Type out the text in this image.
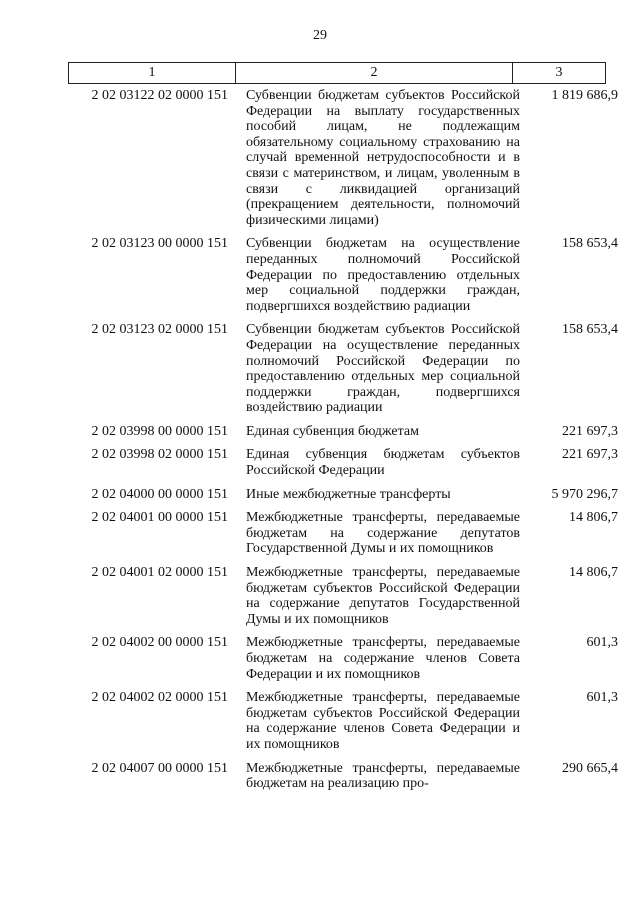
29
1	2	3
2 02 03122 02 0000 151	Субвенции бюджетам субъектов Российской Федерации на выплату государственных пособий лицам, не подлежащим обязательному социальному страхованию на случай временной нетрудоспособности и в связи с материнством, и лицам, уволенным в связи с ликвидацией организаций (прекращением деятельности, полномочий физическими лицами)	1 819 686,9
2 02 03123 00 0000 151	Субвенции бюджетам на осуществление переданных полномочий Российской Федерации по предоставлению отдельных мер социальной поддержки граждан, подвергшихся воздействию радиации	158 653,4
2 02 03123 02 0000 151	Субвенции бюджетам субъектов Российской Федерации на осуществление переданных полномочий Российской Федерации по предоставлению отдельных мер социальной поддержки граждан, подвергшихся воздействию радиации	158 653,4
2 02 03998 00 0000 151	Единая субвенция бюджетам	221 697,3
2 02 03998 02 0000 151	Единая субвенция бюджетам субъектов Российской Федерации	221 697,3
2 02 04000 00 0000 151	Иные межбюджетные трансферты	5 970 296,7
2 02 04001 00 0000 151	Межбюджетные трансферты, передаваемые бюджетам на содержание депутатов Государственной Думы и их помощников	14 806,7
2 02 04001 02 0000 151	Межбюджетные трансферты, передаваемые бюджетам субъектов Российской Федерации на содержание депутатов Государственной Думы и их помощников	14 806,7
2 02 04002 00 0000 151	Межбюджетные трансферты, передаваемые бюджетам на содержание членов Совета Федерации и их помощников	601,3
2 02 04002 02 0000 151	Межбюджетные трансферты, передаваемые бюджетам субъектов Российской Федерации на содержание членов Совета Федерации и их помощников	601,3
2 02 04007 00 0000 151	Межбюджетные трансферты, передаваемые бюджетам на реализацию про-	290 665,4
